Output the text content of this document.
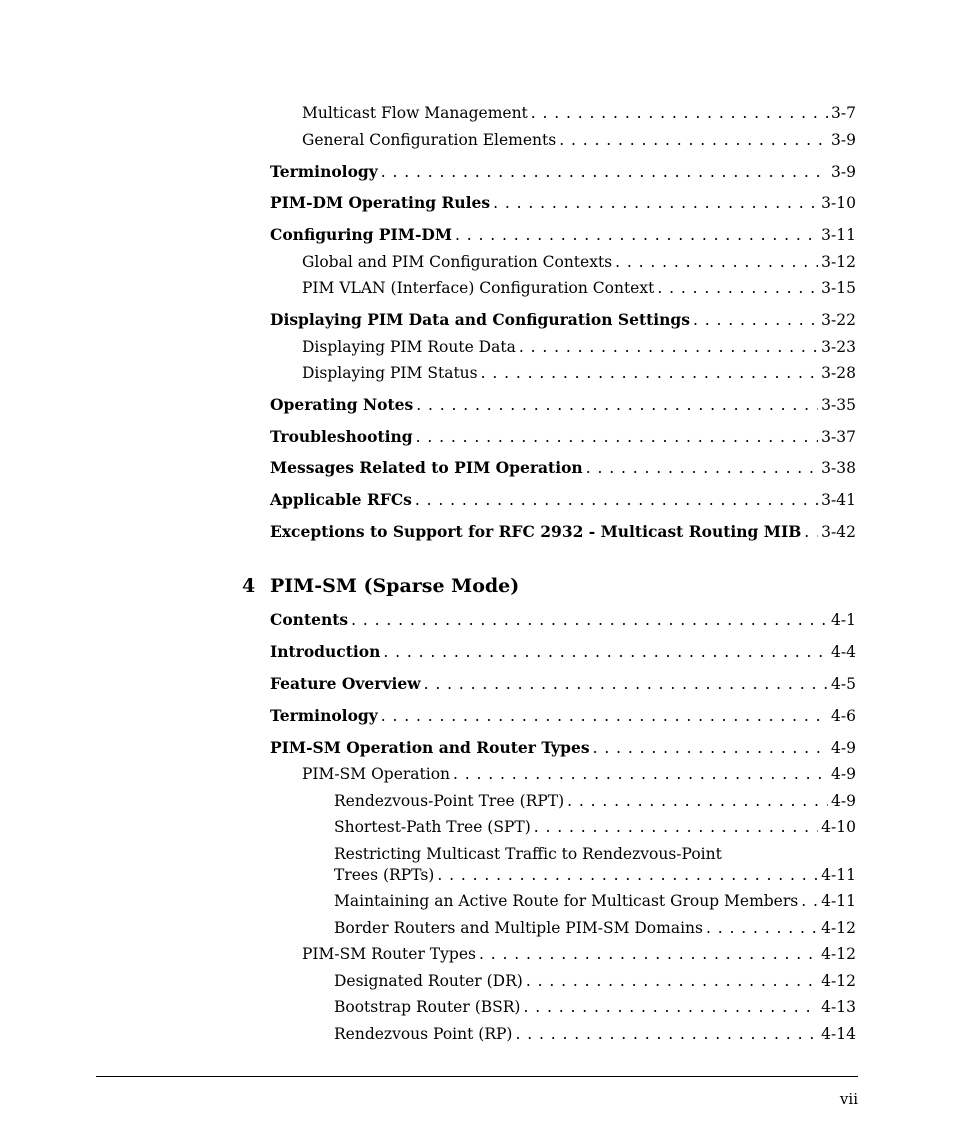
Multicast Flow Management . . .	3-7
General Configuration Elements . . .	3-9
Terminology . . .	3-9
PIM-DM Operating Rules . . .	3-10
Configuring PIM-DM . . .	3-11
Global and PIM Configuration Contexts . . .	3-12
PIM VLAN (Interface) Configuration Context . . .	3-15
Displaying PIM Data and Configuration Settings . . .	3-22
Displaying PIM Route Data . . .	3-23
Displaying PIM Status . . .	3-28
Operating Notes . . .	3-35
Troubleshooting . . .	3-37
Messages Related to PIM Operation . . .	3-38
Applicable RFCs . . .	3-41
Exceptions to Support for RFC 2932 - Multicast Routing MIB . . . 3-42
4 PIM-SM (Sparse Mode)
Contents . . .	4-1
Introduction . . .	4-4
Feature Overview . . .	4-5
Terminology . . .	4-6
PIM-SM Operation and Router Types . . .	4-9
PIM-SM Operation . . .	4-9
Rendezvous-Point Tree (RPT) . . .	4-9
Shortest-Path Tree (SPT) . . .	4-10
Restricting Multicast Traffic to Rendezvous-Point
Trees (RPTs) . . .	4-11
Maintaining an Active Route for Multicast Group Members . . . 4-11
Border Routers and Multiple PIM-SM Domains . . .	4-12
PIM-SM Router Types . . .	4-12
Designated Router (DR) . . .	4-12
Bootstrap Router (BSR) . . .	4-13
Rendezvous Point (RP) . . .	4-14
vii
